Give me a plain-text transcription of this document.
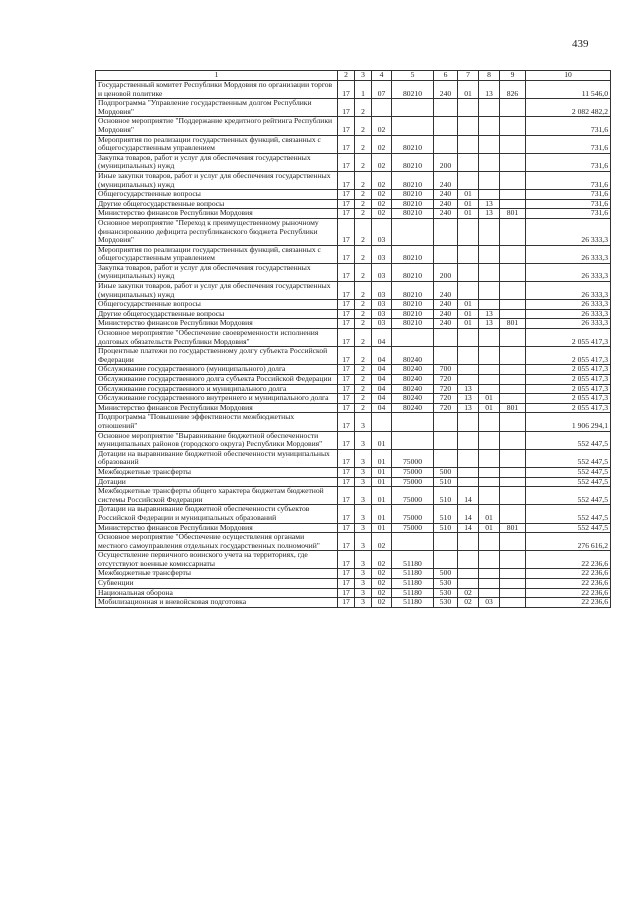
439
1	2	3	4	5	6	7	8	9	10
Государственный комитет Республики Мордовия по организации торгов и ценовой политике	17	1	07	80210	240	01	13	826	11 546,0
Подпрограмма "Управление государственным долгом Республики Мордовия"	17	2							2 082 482,2
Основное мероприятие "Поддержание кредитного рейтинга Республики Мордовия"	17	2	02						731,6
Мероприятия по реализации государственных функций, связанных с общегосударственным управлением	17	2	02	80210					731,6
Закупка товаров, работ и услуг для обеспечения государственных (муниципальных) нужд	17	2	02	80210	200				731,6
Иные закупки товаров, работ и услуг для обеспечения государственных (муниципальных) нужд	17	2	02	80210	240				731,6
Общегосударственные вопросы	17	2	02	80210	240	01			731,6
Другие общегосударственные вопросы	17	2	02	80210	240	01	13		731,6
Министерство финансов Республики Мордовия	17	2	02	80210	240	01	13	801	731,6
Основное мероприятие "Переход к преимущественному рыночному финансированию дефицита республиканского бюджета Республики Мордовия"	17	2	03						26 333,3
Мероприятия по реализации государственных функций, связанных с общегосударственным управлением	17	2	03	80210					26 333,3
Закупка товаров, работ и услуг для обеспечения государственных (муниципальных) нужд	17	2	03	80210	200				26 333,3
Иные закупки товаров, работ и услуг для обеспечения государственных (муниципальных) нужд	17	2	03	80210	240				26 333,3
Общегосударственные вопросы	17	2	03	80210	240	01			26 333,3
Другие общегосударственные вопросы	17	2	03	80210	240	01	13		26 333,3
Министерство финансов Республики Мордовия	17	2	03	80210	240	01	13	801	26 333,3
Основное мероприятие "Обеспечение своевременности исполнения долговых обязательств Республики Мордовия"	17	2	04						2 055 417,3
Процентные платежи по государственному долгу субъекта Российской Федерации	17	2	04	80240					2 055 417,3
Обслуживание государственного (муниципального) долга	17	2	04	80240	700				2 055 417,3
Обслуживание государственного долга субъекта Российской Федерации	17	2	04	80240	720				2 055 417,3
Обслуживание государственного и муниципального долга	17	2	04	80240	720	13			2 055 417,3
Обслуживание государственного внутреннего и муниципального долга	17	2	04	80240	720	13	01		2 055 417,3
Министерство финансов Республики Мордовия	17	2	04	80240	720	13	01	801	2 055 417,3
Подпрограмма "Повышение эффективности межбюджетных отношений"	17	3							1 906 294,1
Основное мероприятие "Выравнивание бюджетной обеспеченности муниципальных районов (городского округа) Республики Мордовия"	17	3	01						552 447,5
Дотации на выравнивание бюджетной обеспеченности муниципальных образований	17	3	01	75000					552 447,5
Межбюджетные трансферты	17	3	01	75000	500				552 447,5
Дотации	17	3	01	75000	510				552 447,5
Межбюджетные трансферты общего характера бюджетам бюджетной системы Российской Федерации	17	3	01	75000	510	14			552 447,5
Дотации на выравнивание бюджетной обеспеченности субъектов Российской Федерации и муниципальных образований	17	3	01	75000	510	14	01		552 447,5
Министерство финансов Республики Мордовия	17	3	01	75000	510	14	01	801	552 447,5
Основное мероприятие "Обеспечение осуществления органами местного самоуправления отдельных государственных полномочий"	17	3	02						276 616,2
Осуществление первичного воинского учета на территориях, где отсутствуют военные комиссариаты	17	3	02	51180					22 236,6
Межбюджетные трансферты	17	3	02	51180	500				22 236,6
Субвенции	17	3	02	51180	530				22 236,6
Национальная оборона	17	3	02	51180	530	02			22 236,6
Мобилизационная и вневойсковая подготовка	17	3	02	51180	530	02	03		22 236,6
